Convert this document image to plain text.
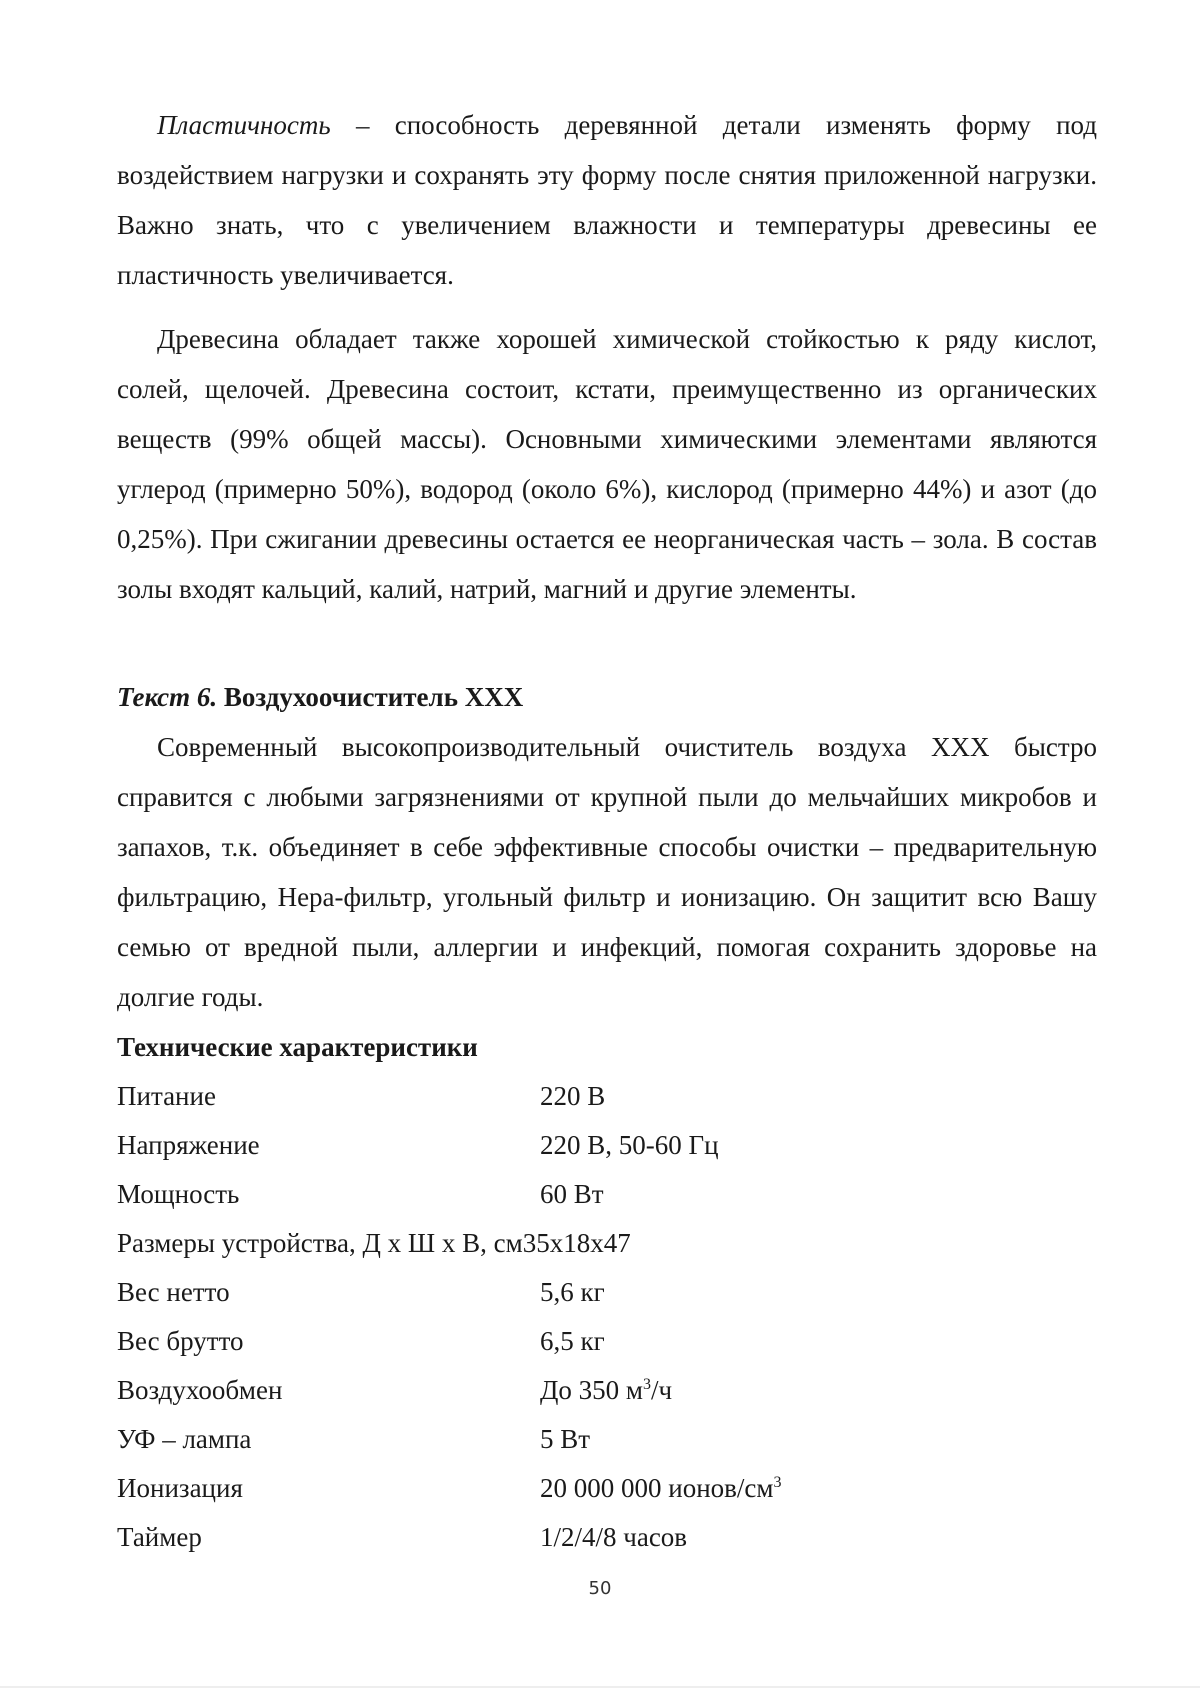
Пластичность – способность деревянной детали изменять форму под воздействием нагрузки и сохранять эту форму после снятия приложенной нагрузки. Важно знать, что с увеличением влажности и температуры древесины ее пластичность увеличивается.

Древесина обладает также хорошей химической стойкостью к ряду кислот, солей, щелочей. Древесина состоит, кстати, преимущественно из органических веществ (99% общей массы). Основными химическими элементами являются углерод (примерно 50%), водород (около 6%), кислород (примерно 44%) и азот (до 0,25%). При сжигании древесины остается ее неорганическая часть – зола. В состав золы входят кальций, калий, натрий, магний и другие элементы.

Текст 6. Воздухоочиститель XXX

Современный высокопроизводительный очиститель воздуха XXX быстро справится с любыми загрязнениями от крупной пыли до мельчайших микробов и запахов, т.к. объединяет в себе эффективные способы очистки – предварительную фильтрацию, Hepa-фильтр, угольный фильтр и ионизацию. Он защитит всю Вашу семью от вредной пыли, аллергии и инфекций, помогая сохранить здоровье на долгие годы.

Технические характеристики
Питание	220 В
Напряжение	220 В, 50-60 Гц
Мощность	60 Вт
Размеры устройства, Д х Ш х В, см35х18х47
Вес нетто	5,6 кг
Вес брутто	6,5 кг
Воздухообмен	До 350 м3/ч
УФ – лампа	5 Вт
Ионизация	20 000 000 ионов/см3
Таймер	1/2/4/8 часов
50
